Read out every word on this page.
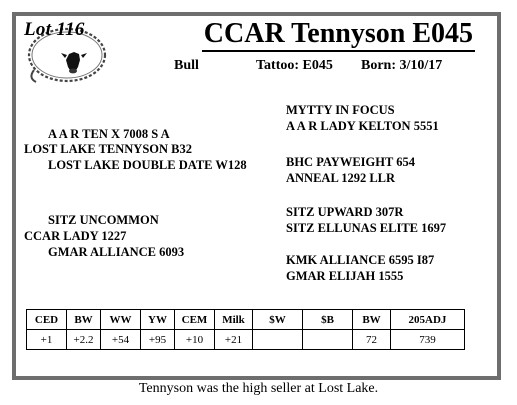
Lot 116	CCAR Tennyson E045
Bull	Tattoo: E045 Born: 3/10/17
A A R TEN X 7008 S A
LOST LAKE TENNYSON B32
LOST LAKE DOUBLE DATE W128
SITZ UNCOMMON
CCAR LADY 1227
GMAR ALLIANCE 6093
MYTTY IN FOCUS
A A R LADY KELTON 5551
BHC PAYWEIGHT 654
ANNEAL 1292 LLR
SITZ UPWARD 307R
SITZ ELLUNAS ELITE 1697
KMK ALLIANCE 6595 I87
GMAR ELIJAH 1555
CED	BW	WW	YW	CEM	Milk	$W	$B	BW	205ADJ
+1	+2.2	+54	+95	+10	+21			72	739
Tennyson was the high seller at Lost Lake.
